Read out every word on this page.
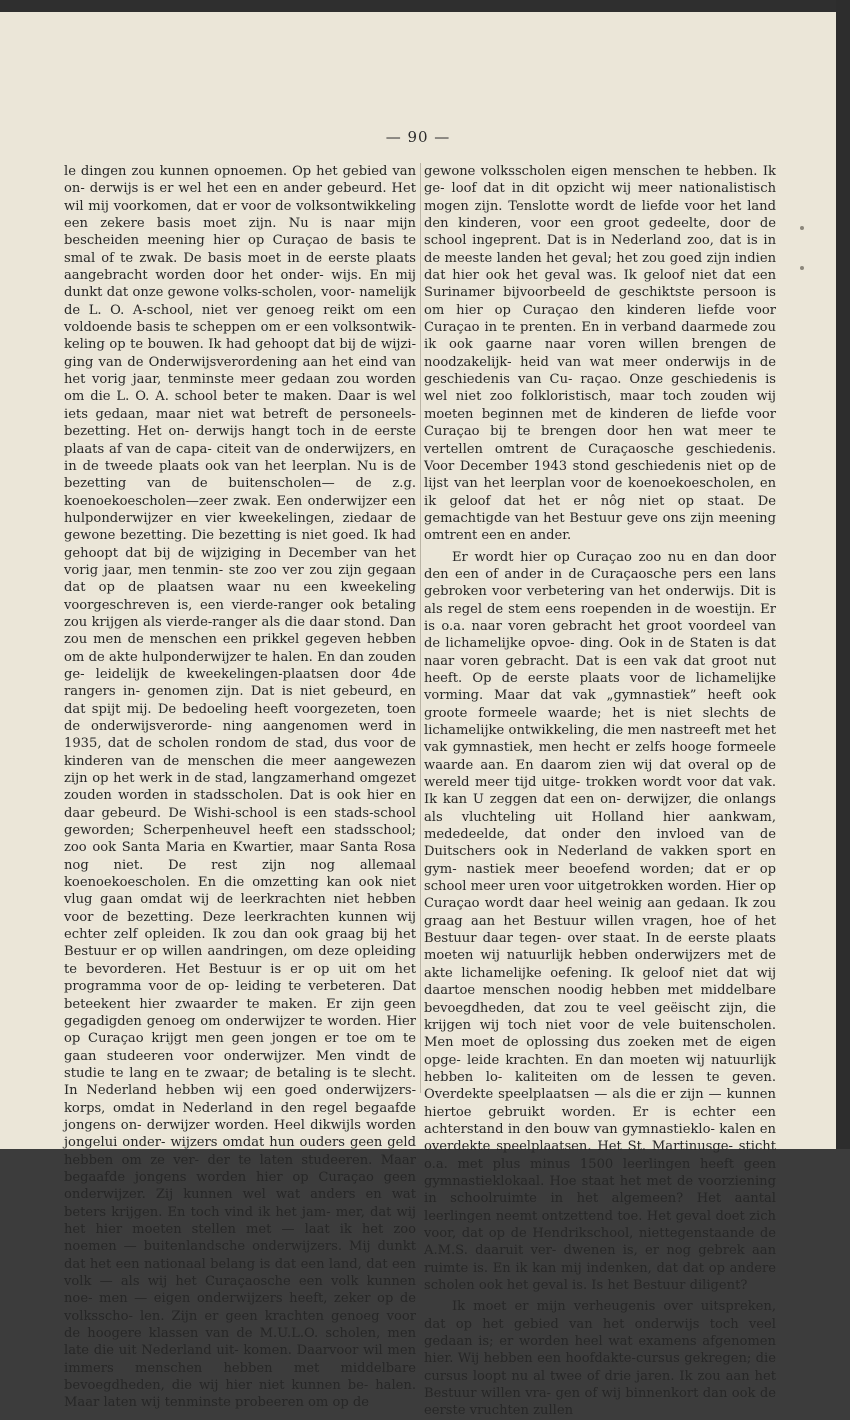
— 90 —

le dingen zou kunnen opnoemen. Op het gebied van on- derwijs is er wel het een en ander gebeurd. Het wil mij voorkomen, dat er voor de volksontwikkeling een zekere basis moet zijn. Nu is naar mijn bescheiden meening hier op Curaçao de basis te smal of te zwak. De basis moet in de eerste plaats aangebracht worden door het onder- wijs. En mij dunkt dat onze gewone volks-scholen, voor- namelijk de L. O. A-school, niet ver genoeg reikt om een voldoende basis te scheppen om er een volksontwik- keling op te bouwen. Ik had gehoopt dat bij de wijzi- ging van de Onderwijsverordening aan het eind van het vorig jaar, tenminste meer gedaan zou worden om die L. O. A. school beter te maken. Daar is wel iets gedaan, maar niet wat betreft de personeels-bezetting. Het on- derwijs hangt toch in de eerste plaats af van de capa- citeit van de onderwijzers, en in de tweede plaats ook van het leerplan. Nu is de bezetting van de buitenscholen— de z.g. koenoekoescholen—zeer zwak. Een onderwijzer een hulponderwijzer en vier kweekelingen, ziedaar de gewone bezetting. Die bezetting is niet goed. Ik had gehoopt dat bij de wijziging in December van het vorig jaar, men tenmin- ste zoo ver zou zijn gegaan dat op de plaatsen waar nu een kweekeling voorgeschreven is, een vierde-ranger ook betaling zou krijgen als vierde-ranger als die daar stond. Dan zou men de menschen een prikkel gegeven hebben om de akte hulponderwijzer te halen. En dan zouden ge- leidelijk de kweekelingen-plaatsen door 4de rangers in- genomen zijn. Dat is niet gebeurd, en dat spijt mij. De bedoeling heeft voorgezeten, toen de onderwijsverorde- ning aangenomen werd in 1935, dat de scholen rondom de stad, dus voor de kinderen van de menschen die meer aangewezen zijn op het werk in de stad, langzamerhand omgezet zouden worden in stadsscholen. Dat is ook hier en daar gebeurd. De Wishi-school is een stads-school geworden; Scherpenheuvel heeft een stadsschool; zoo ook Santa Maria en Kwartier, maar Santa Rosa nog niet. De rest zijn nog allemaal koenoekoescholen. En die omzetting kan ook niet vlug gaan omdat wij de leerkrachten niet hebben voor de bezetting. Deze leerkrachten kunnen wij echter zelf opleiden. Ik zou dan ook graag bij het Bestuur er op willen aandringen, om deze opleiding te bevorderen. Het Bestuur is er op uit om het programma voor de op- leiding te verbeteren. Dat beteekent hier zwaarder te maken. Er zijn geen gegadigden genoeg om onderwijzer te worden. Hier op Curaçao krijgt men geen jongen er toe om te gaan studeeren voor onderwijzer. Men vindt de studie te lang en te zwaar; de betaling is te slecht. In Nederland hebben wij een goed onderwijzers-korps, omdat in Nederland in den regel begaafde jongens on- derwijzer worden. Heel dikwijls worden jongelui onder- wijzers omdat hun ouders geen geld hebben om ze ver- der te laten studeeren. Maar begaafde jongens worden hier op Curaçao geen onderwijzer. Zij kunnen wel wat anders en wat beters krijgen. En toch vind ik het jam- mer, dat wij het hier moeten stellen met — laat ik het zoo noemen — buitenlandsche onderwijzers. Mij dunkt dat het een nationaal belang is dat een land, dat een volk — als wij het Curaçaosche een volk kunnen noe- men — eigen onderwijzers heeft, zeker op de volksscho- len. Zijn er geen krachten genoeg voor de hoogere klassen van de M.U.L.O. scholen, men late die uit Nederland uit- komen. Daarvoor wil men immers menschen hebben met middelbare bevoegdheden, die wij hier niet kunnen be- halen. Maar laten wij tenminste probeeren om op de

gewone volksscholen eigen menschen te hebben. Ik ge- loof dat in dit opzicht wij meer nationalistisch mogen zijn. Tenslotte wordt de liefde voor het land den kinderen, voor een groot gedeelte, door de school ingeprent. Dat is in Nederland zoo, dat is in de meeste landen het geval; het zou goed zijn indien dat hier ook het geval was. Ik geloof niet dat een Surinamer bijvoorbeeld de geschiktste persoon is om hier op Curaçao den kinderen liefde voor Curaçao in te prenten. En in verband daarmede zou ik ook gaarne naar voren willen brengen de noodzakelijk- heid van wat meer onderwijs in de geschiedenis van Cu- raçao. Onze geschiedenis is wel niet zoo folkloristisch, maar toch zouden wij moeten beginnen met de kinderen de liefde voor Curaçao bij te brengen door hen wat meer te vertellen omtrent de Curaçaosche geschiedenis. Voor December 1943 stond geschiedenis niet op de lijst van het leerplan voor de koenoekoescholen, en ik geloof dat het er nôg niet op staat. De gemachtigde van het Bestuur geve ons zijn meening omtrent een en ander.

Er wordt hier op Curaçao zoo nu en dan door den een of ander in de Curaçaosche pers een lans gebroken voor verbetering van het onderwijs. Dit is als regel de stem eens roependen in de woestijn. Er is o.a. naar voren gebracht het groot voordeel van de lichamelijke opvoe- ding. Ook in de Staten is dat naar voren gebracht. Dat is een vak dat groot nut heeft. Op de eerste plaats voor de lichamelijke vorming. Maar dat vak „gymnastiek” heeft ook groote formeele waarde; het is niet slechts de lichamelijke ontwikkeling, die men nastreeft met het vak gymnastiek, men hecht er zelfs hooge formeele waarde aan. En daarom zien wij dat overal op de wereld meer tijd uitge- trokken wordt voor dat vak. Ik kan U zeggen dat een on- derwijzer, die onlangs als vluchteling uit Holland hier aankwam, mededeelde, dat onder den invloed van de Duitschers ook in Nederland de vakken sport en gym- nastiek meer beoefend worden; dat er op school meer uren voor uitgetrokken worden. Hier op Curaçao wordt daar heel weinig aan gedaan. Ik zou graag aan het Bestuur willen vragen, hoe of het Bestuur daar tegen- over staat. In de eerste plaats moeten wij natuurlijk hebben onderwijzers met de akte lichamelijke oefening. Ik geloof niet dat wij daartoe menschen noodig hebben met middelbare bevoegdheden, dat zou te veel geëischt zijn, die krijgen wij toch niet voor de vele buitenscholen. Men moet de oplossing dus zoeken met de eigen opge- leide krachten. En dan moeten wij natuurlijk hebben lo- kaliteiten om de lessen te geven. Overdekte speelplaatsen — als die er zijn — kunnen hiertoe gebruikt worden. Er is echter een achterstand in den bouw van gymnastieklo- kalen en overdekte speelplaatsen. Het St. Martinusge- sticht o.a. met plus minus 1500 leerlingen heeft geen gymnastieklokaal. Hoe staat het met de voorziening in schoolruimte in het algemeen? Het aantal leerlingen neemt ontzettend toe. Het geval doet zich voor, dat op de Hendrikschool, niettegenstaande de A.M.S. daaruit ver- dwenen is, er nog gebrek aan ruimte is. En ik kan mij indenken, dat dat op andere scholen ook het geval is. Is het Bestuur diligent?

Ik moet er mijn verheugenis over uitspreken, dat op het gebied van het onderwijs toch veel gedaan is; er worden heel wat examens afgenomen hier. Wij hebben een hoofdakte-cursus gekregen; die cursus loopt nu al twee of drie jaren. Ik zou aan het Bestuur willen vra- gen of wij binnenkort dan ook de eerste vruchten zullen
